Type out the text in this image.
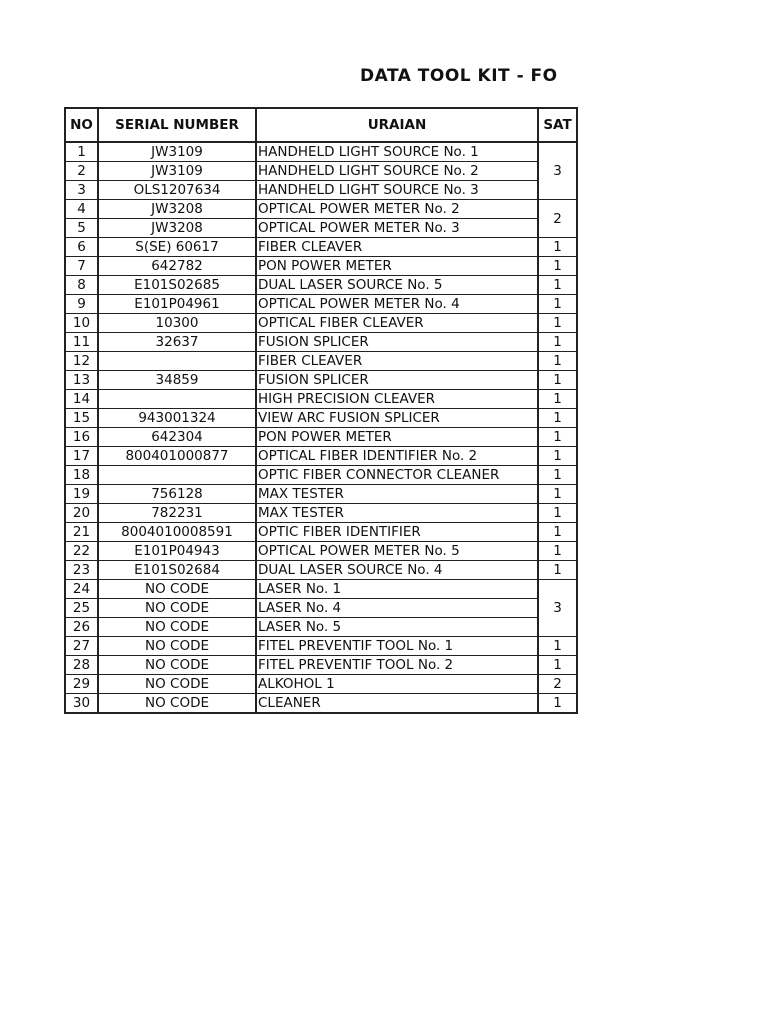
DATA TOOL KIT - FO
NO	SERIAL NUMBER	URAIAN	SAT
1	JW3109	HANDHELD LIGHT SOURCE No. 1	3
2	JW3109	HANDHELD LIGHT SOURCE No. 2	
3	OLS1207634	HANDHELD LIGHT SOURCE No. 3	
4	JW3208	OPTICAL POWER METER No. 2	2
5	JW3208	OPTICAL POWER METER No. 3	
6	S(SE) 60617	FIBER CLEAVER	1
7	642782	PON POWER METER	1
8	E101S02685	DUAL LASER SOURCE No. 5	1
9	E101P04961	OPTICAL POWER METER No. 4	1
10	10300	OPTICAL FIBER CLEAVER	1
11	32637	FUSION SPLICER	1
12		FIBER CLEAVER	1
13	34859	FUSION SPLICER	1
14		HIGH PRECISION CLEAVER	1
15	943001324	VIEW ARC FUSION SPLICER	1
16	642304	PON POWER METER	1
17	800401000877	OPTICAL FIBER IDENTIFIER No. 2	1
18		OPTIC FIBER CONNECTOR CLEANER	1
19	756128	MAX TESTER	1
20	782231	MAX TESTER	1
21	8004010008591	OPTIC FIBER IDENTIFIER	1
22	E101P04943	OPTICAL POWER METER No. 5	1
23	E101S02684	DUAL LASER SOURCE No. 4	1
24	NO CODE	LASER No. 1	3
25	NO CODE	LASER No. 4	
26	NO CODE	LASER No. 5	
27	NO CODE	FITEL PREVENTIF TOOL No. 1	1
28	NO CODE	FITEL PREVENTIF TOOL No. 2	1
29	NO CODE	ALKOHOL 1	2
30	NO CODE	CLEANER	1
